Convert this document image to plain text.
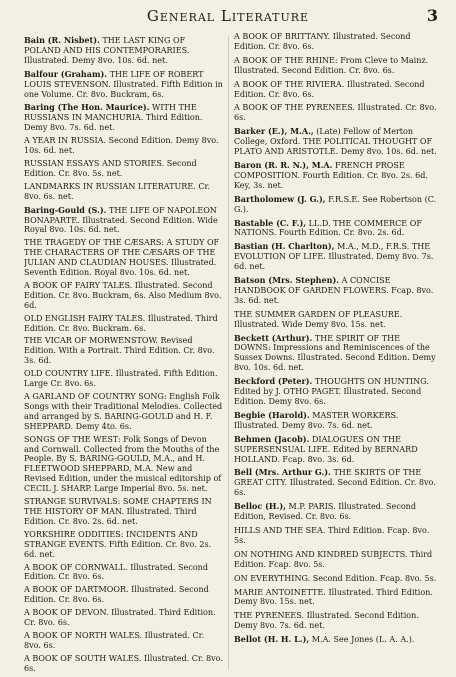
General Literature	3
Bain (R. Nisbet). THE LAST KING OF POLAND AND HIS CONTEMPORARIES. Illustrated. Demy 8vo. 10s. 6d. net.
Balfour (Graham). THE LIFE OF ROBERT LOUIS STEVENSON. Illustrated. Fifth Edition in one Volume. Cr. 8vo. Buckram, 6s.
Baring (The Hon. Maurice). WITH THE RUSSIANS IN MANCHURIA. Third Edition. Demy 8vo. 7s. 6d. net.
A YEAR IN RUSSIA. Second Edition. Demy 8vo. 10s. 6d. net.
RUSSIAN ESSAYS AND STORIES. Second Edition. Cr. 8vo. 5s. net.
LANDMARKS IN RUSSIAN LITERATURE. Cr. 8vo. 6s. net.
Baring-Gould (S.). THE LIFE OF NAPOLEON BONAPARTE. Illustrated. Second Edition. Wide Royal 8vo. 10s. 6d. net.
THE TRAGEDY OF THE CÆSARS: A STUDY OF THE CHARACTERS OF THE CÆSARS OF THE JULIAN AND CLAUDIAN HOUSES. Illustrated. Seventh Edition. Royal 8vo. 10s. 6d. net.
A BOOK OF FAIRY TALES. Illustrated. Second Edition. Cr. 8vo. Buckram, 6s. Also Medium 8vo. 6d.
OLD ENGLISH FAIRY TALES. Illustrated. Third Edition. Cr. 8vo. Buckram. 6s.
THE VICAR OF MORWENSTOW. Revised Edition. With a Portrait. Third Edition. Cr. 8vo. 3s. 6d.
OLD COUNTRY LIFE. Illustrated. Fifth Edition. Large Cr. 8vo. 6s.
A GARLAND OF COUNTRY SONG: English Folk Songs with their Traditional Melodies. Collected and arranged by S. BARING-GOULD and H. F. SHEPPARD. Demy 4to. 6s.
SONGS OF THE WEST: Folk Songs of Devon and Cornwall. Collected from the Mouths of the People. By S. BARING-GOULD, M.A., and H. FLEETWOOD SHEPPARD, M.A. New and Revised Edition, under the musical editorship of CECIL J. SHARP. Large Imperial 8vo. 5s. net.
STRANGE SURVIVALS: SOME CHAPTERS IN THE HISTORY OF MAN. Illustrated. Third Edition. Cr. 8vo. 2s. 6d. net.
YORKSHIRE ODDITIES: INCIDENTS AND STRANGE EVENTS. Fifth Edition. Cr. 8vo. 2s. 6d. net.
A BOOK OF CORNWALL. Illustrated. Second Edition. Cr. 8vo. 6s.
A BOOK OF DARTMOOR. Illustrated. Second Edition. Cr. 8vo. 6s.
A BOOK OF DEVON. Illustrated. Third Edition. Cr. 8vo. 6s.
A BOOK OF NORTH WALES. Illustrated. Cr. 8vo. 6s.
A BOOK OF SOUTH WALES. Illustrated. Cr. 8vo. 6s.
A BOOK OF BRITTANY. Illustrated. Second Edition. Cr. 8vo. 6s.
A BOOK OF THE RHINE: From Cleve to Mainz. Illustrated. Second Edition. Cr. 8vo. 6s.
A BOOK OF THE RIVIERA. Illustrated. Second Edition. Cr. 8vo. 6s.
A BOOK OF THE PYRENEES. Illustrated. Cr. 8vo. 6s.
Barker (E.), M.A., (Late) Fellow of Merton College, Oxford. THE POLITICAL THOUGHT OF PLATO AND ARISTOTLE. Demy 8vo. 10s. 6d. net.
Baron (R. R. N.), M.A. FRENCH PROSE COMPOSITION. Fourth Edition. Cr. 8vo. 2s. 6d. Key, 3s. net.
Bartholomew (J. G.), F.R.S.E. See Robertson (C. G.).
Bastable (C. F.), LL.D. THE COMMERCE OF NATIONS. Fourth Edition. Cr. 8vo. 2s. 6d.
Bastian (H. Charlton), M.A., M.D., F.R.S. THE EVOLUTION OF LIFE. Illustrated. Demy 8vo. 7s. 6d. net.
Batson (Mrs. Stephen). A CONCISE HANDBOOK OF GARDEN FLOWERS. Fcap. 8vo. 3s. 6d. net.
THE SUMMER GARDEN OF PLEASURE. Illustrated. Wide Demy 8vo. 15s. net.
Beckett (Arthur). THE SPIRIT OF THE DOWNS: Impressions and Reminiscences of the Sussex Downs. Illustrated. Second Edition. Demy 8vo. 10s. 6d. net.
Beckford (Peter). THOUGHTS ON HUNTING. Edited by J. OTHO PAGET. Illustrated. Second Edition. Demy 8vo. 6s.
Begbie (Harold). MASTER WORKERS. Illustrated. Demy 8vo. 7s. 6d. net.
Behmen (Jacob). DIALOGUES ON THE SUPERSENSUAL LIFE. Edited by BERNARD HOLLAND. Fcap. 8vo. 3s. 6d.
Bell (Mrs. Arthur G.). THE SKIRTS OF THE GREAT CITY. Illustrated. Second Edition. Cr. 8vo. 6s.
Belloc (H.), M.P. PARIS. Illustrated. Second Edition, Revised. Cr. 8vo. 6s.
HILLS AND THE SEA. Third Edition. Fcap. 8vo. 5s.
ON NOTHING AND KINDRED SUBJECTS. Third Edition. Fcap. 8vo. 5s.
ON EVERYTHING. Second Edition. Fcap. 8vo. 5s.
MARIE ANTOINETTE. Illustrated. Third Edition. Demy 8vo. 15s. net.
THE PYRENEES. Illustrated. Second Edition. Demy 8vo. 7s. 6d. net.
Bellot (H. H. L.), M.A. See Jones (L. A. A.).
